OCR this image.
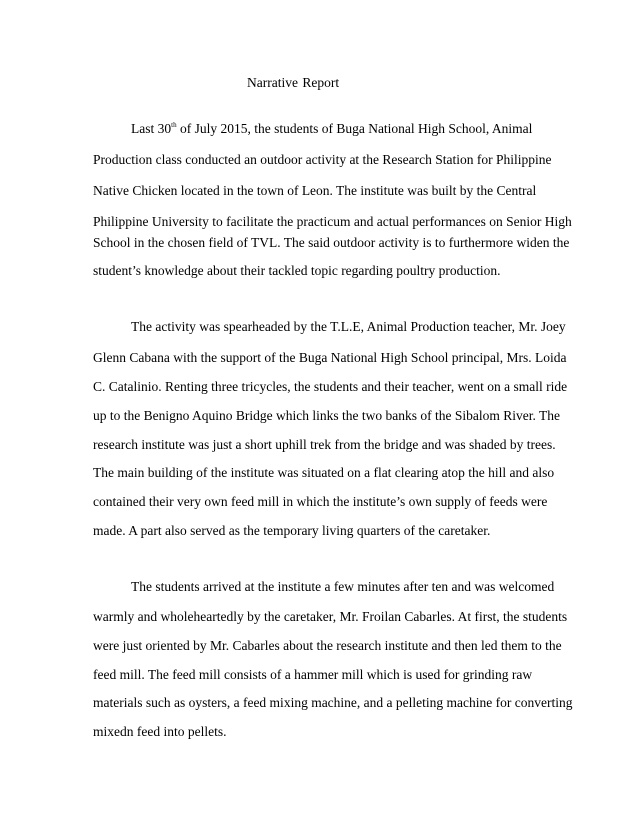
Narrative Report
Last 30th of July 2015, the students of Buga National High School, Animal
Production class conducted an outdoor activity at the Research Station for Philippine
Native Chicken located in the town of Leon. The institute was built by the Central
Philippine University to facilitate the practicum and actual performances on Senior High
School in the chosen field of TVL. The said outdoor activity is to furthermore widen the
student’s knowledge about their tackled topic regarding poultry production.
The activity was spearheaded by the T.L.E, Animal Production teacher, Mr. Joey
Glenn Cabana with the support of the Buga National High School principal, Mrs. Loida
C. Catalinio. Renting three tricycles, the students and their teacher, went on a small ride
up to the Benigno Aquino Bridge which links the two banks of the Sibalom River. The
research institute was just a short uphill trek from the bridge and was shaded by trees.
The main building of the institute was situated on a flat clearing atop the hill and also
contained their very own feed mill in which the institute’s own supply of feeds were
made. A part also served as the temporary living quarters of the caretaker.
The students arrived at the institute a few minutes after ten and was welcomed
warmly and wholeheartedly by the caretaker, Mr. Froilan Cabarles. At first, the students
were just oriented by Mr. Cabarles about the research institute and then led them to the
feed mill. The feed mill consists of a hammer mill which is used for grinding raw
materials such as oysters, a feed mixing machine, and a pelleting machine for converting
mixedn feed into pellets.
